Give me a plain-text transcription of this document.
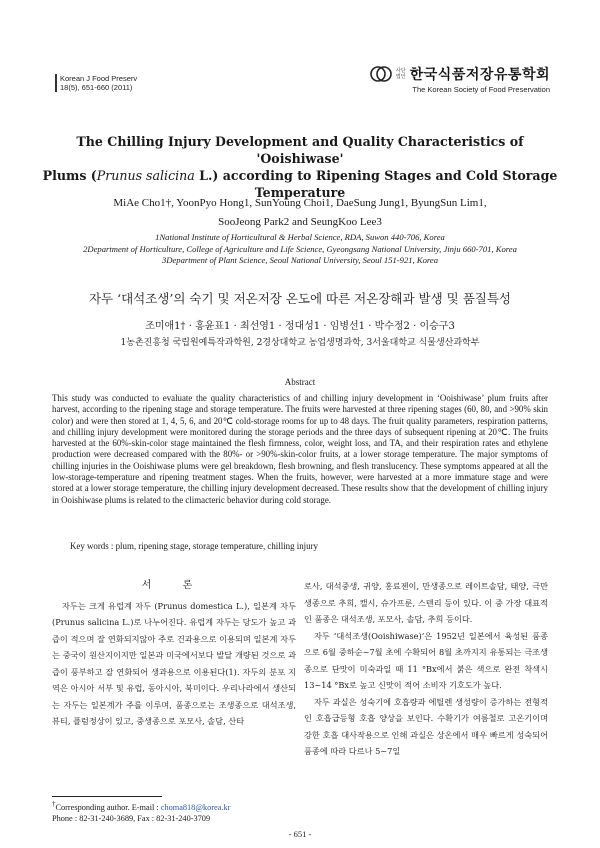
Korean J Food Preserv
18(5), 651-660 (2011)
사단법인 한국식품저장유통학회
The Korean Society of Food Preservation
The Chilling Injury Development and Quality Characteristics of 'Ooishiwase'
Plums (Prunus salicina L.) according to Ripening Stages and Cold Storage
Temperature
MiAe Cho1†, YoonPyo Hong1, SunYoung Choi1, DaeSung Jung1, ByungSun Lim1,
SooJeong Park2 and SeungKoo Lee3
1National Institute of Horticultural & Herbal Science, RDA, Suwon 440-706, Korea
2Department of Horticulture, College of Agriculture and Life Science, Gyeongsang National University, Jinju 660-701, Korea
3Department of Plant Science, Seoul National University, Seoul 151-921, Korea
자두 ‘대석조생’의 숙기 및 저온저장 온도에 따른 저온장해과 발생 및 품질특성
조미애1† · 홍윤표1 · 최선영1 · 정대성1 · 임병선1 · 박수정2 · 이승구3
1농촌진흥청 국립원예특작과학원, 2경상대학교 농업생명과학, 3서울대학교 식물생산과학부
Abstract
This study was conducted to evaluate the quality characteristics of and chilling injury development in ‘Ooishiwase’ plum fruits after harvest, according to the ripening stage and storage temperature. The fruits were harvested at three ripening stages (60, 80, and >90% skin color) and were then stored at 1, 4, 5, 6, and 20℃ cold-storage rooms for up to 48 days. The fruit quality parameters, respiration patterns, and chilling injury development were monitored during the storage periods and the three days of subsequent ripening at 20℃. The fruits harvested at the 60%-skin-color stage maintained the flesh firmness, color, weight loss, and TA, and their respiration rates and ethylene production were decreased compared with the 80%- or >90%-skin-color fruits, at a lower storage temperature. The major symptoms of chilling injuries in the Ooishiwase plums were gel breakdown, flesh browning, and flesh translucency. These symptoms appeared at all the low-storage-temperature and ripening treatment stages. When the fruits, however, were harvested at a more immature stage and were stored at a lower storage temperature, the chilling injury development decreased. These results show that the development of chilling injury in Ooishiwase plums is related to the climacteric behavior during cold storage.
Key words : plum, ripening stage, storage temperature, chilling injury
서 론

자두는 크게 유럽계 자두 (Prunus domestica L.), 일본계 자두 (Prunus salicina L.)로 나누어진다. 유럽계 자두는 당도가 높고 과즙이 적으며 잘 연화되지않아 주로 건과용으로 이용되며 일본계 자두는 중국이 원산지이지만 일본과 미국에서보다 발달 개량된 것으로 과즙이 풍부하고 잘 연화되어 생과용으로 이용된다(1). 자두의 분포 지역은 아시아 서부 및 유럽, 동아시아, 북미이다. 우리나라에서 생산되는 자두는 일본계가 주를 이루며, 품종으로는 조생종으로 대석조생, 뷰티, 플럼정상이 있고, 중생종으로 포모사, 솔담, 산타

로사, 대석중생, 귀양, 홍료젠이, 만생종으로 레이트솔담, 태양, 극만생종으로 추희, 캘시, 슈가프룬, 스텐리 등이 있다. 이 중 가장 대표적인 품종은 대석조생, 포모사, 솔담, 추희 등이다.

자두 ‘대석조생(Ooishiwase)’은 1952년 일본에서 육성된 품종으로 6월 중하순~7월 초에 수확되어 8월 초까지지 유통되는 극조생종으로 단맛이 미숙과일 때 11 °Bx에서 붉은 색으로 완전 착색시 13~14 °Bx로 높고 신맛이 적어 소비자 기호도가 높다.

자두 과실은 성숙기에 호흡량과 에틸렌 생성량이 증가하는 전형적인 호흡급등형 호흡 양상을 보인다. 수확기가 여름철로 고온기이며 강한 호흡 대사작용으로 인해 과실은 상온에서 매우 빠르게 성숙되어 품종에 따라 다르나 5~7일

†Corresponding author. E-mail : choma818@korea.kr
Phone : 82-31-240-3689, Fax : 82-31-240-3709
- 651 -
